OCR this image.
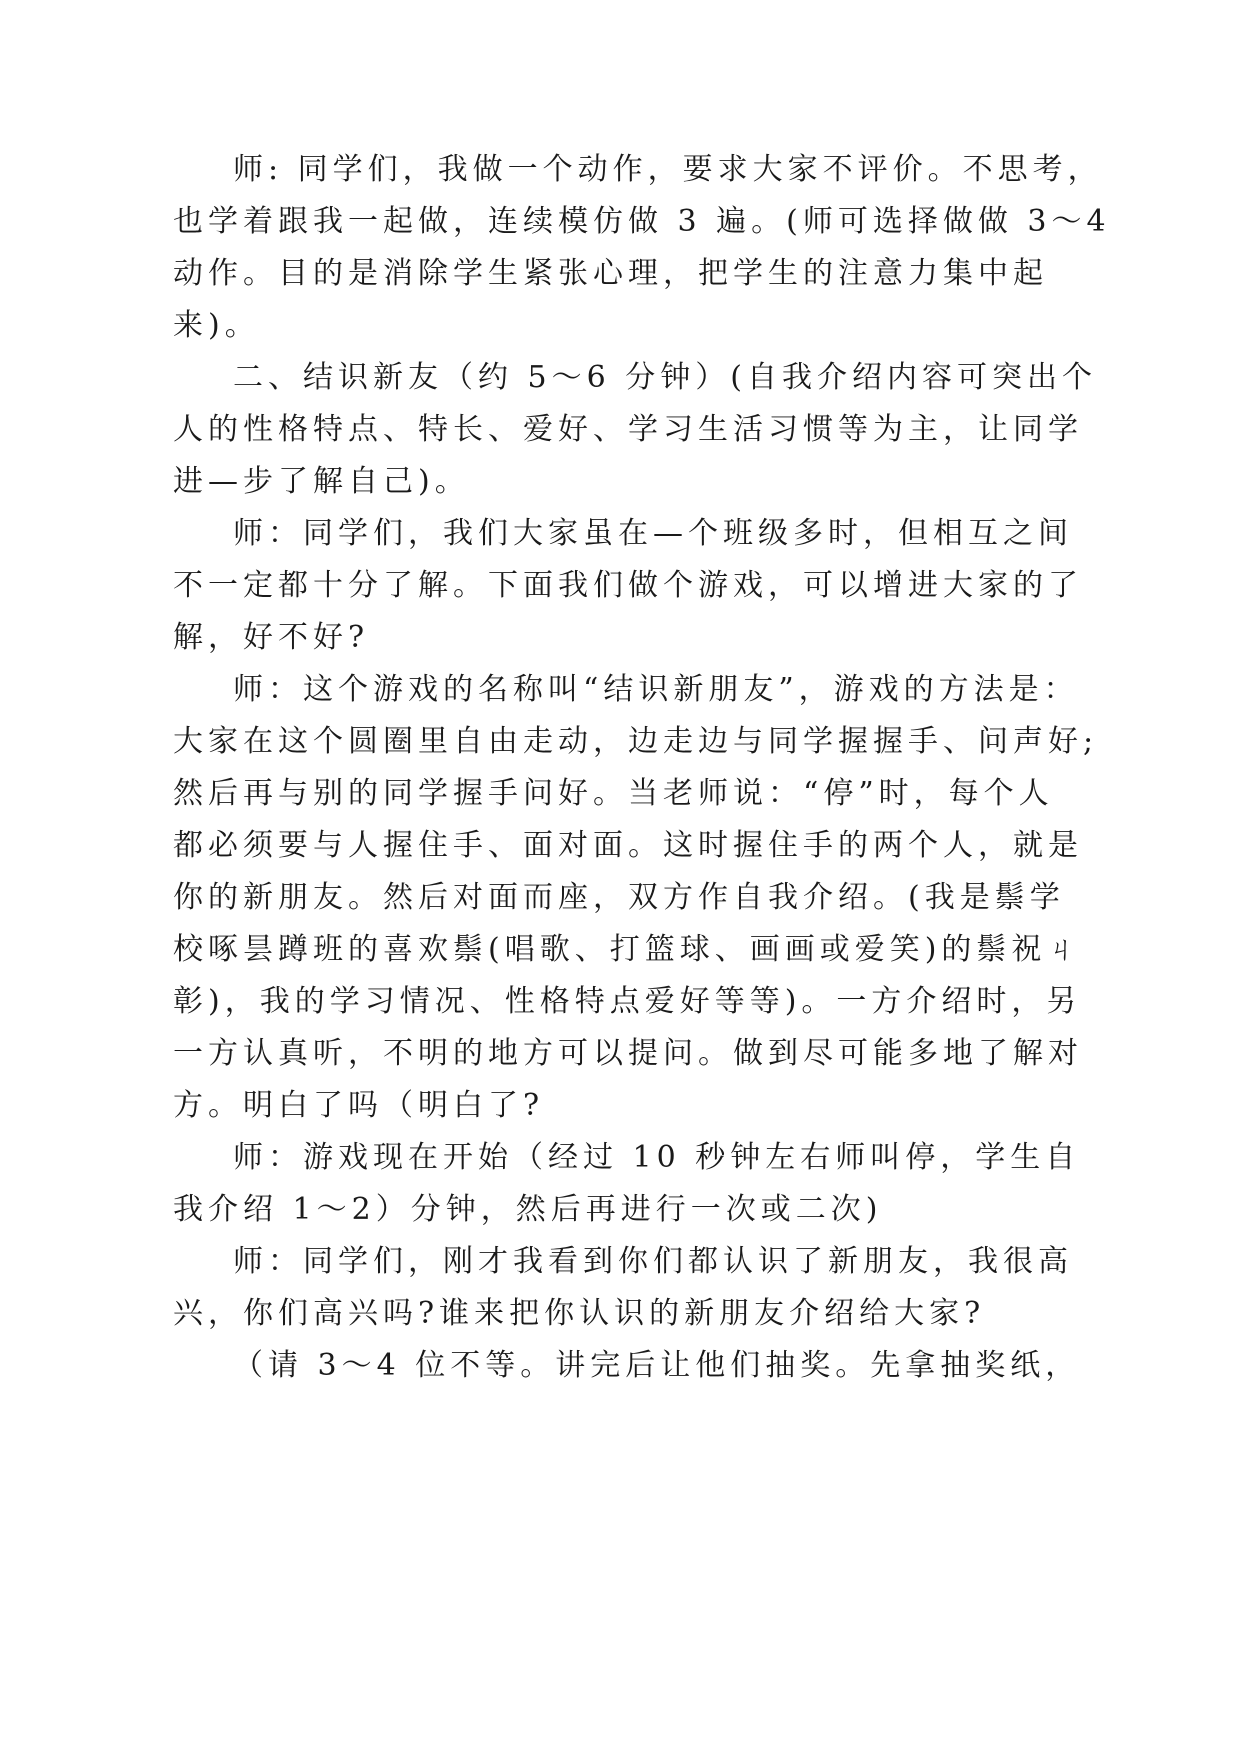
师: 同学们，我做一个动作，要求大家不评价。不思考，
也学着跟我一起做，连续模仿做 3 遍。(师可选择做做 3～4
动作。目的是消除学生紧张心理，把学生的注意力集中起
来)。
二、结识新友（约 5～6 分钟）(自我介绍内容可突出个
人的性格特点、特长、爱好、学习生活习惯等为主，让同学
进—步了解自己)。
师：同学们，我们大家虽在—个班级多时，但相互之间
不一定都十分了解。下面我们做个游戏，可以增进大家的了
解，好不好?
师：这个游戏的名称叫“结识新朋友”，游戏的方法是：
大家在这个圆圈里自由走动，边走边与同学握握手、问声好;
然后再与别的同学握手问好。当老师说：“停”时，每个人
都必须要与人握住手、面对面。这时握住手的两个人，就是
你的新朋友。然后对面而座，双方作自我介绍。(我是鬃学
校啄昙蹲班的喜欢鬃(唱歌、打篮球、画画或爱笑)的鬃祝ㄐ
彰)，我的学习情况、性格特点爱好等等)。一方介绍时，另
一方认真听，不明的地方可以提问。做到尽可能多地了解对
方。明白了吗（明白了?
师：游戏现在开始（经过 10 秒钟左右师叫停，学生自
我介绍 1～2）分钟，然后再进行一次或二次)
师：同学们，刚才我看到你们都认识了新朋友，我很高
兴，你们高兴吗?谁来把你认识的新朋友介绍给大家?
（请 3～4 位不等。讲完后让他们抽奖。先拿抽奖纸，
